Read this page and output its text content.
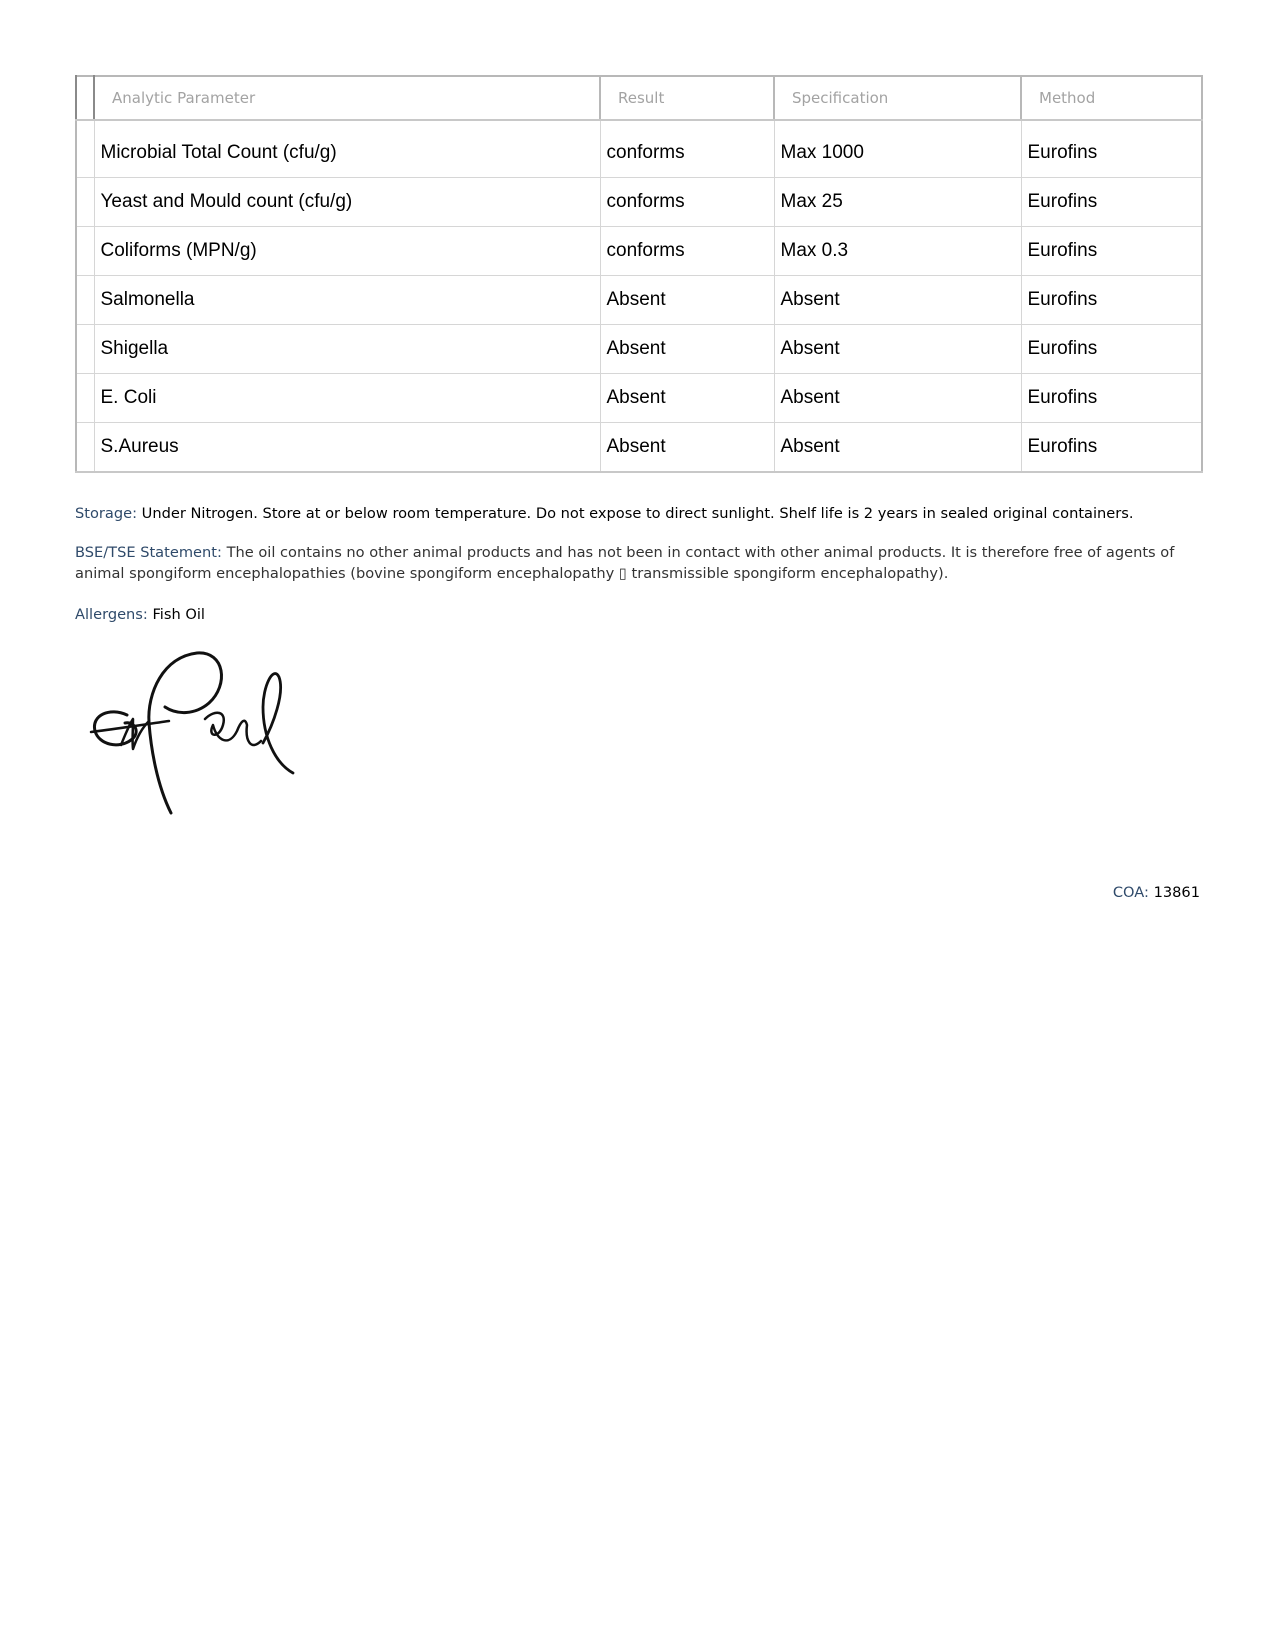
	Analytic Parameter	Result	Specification	Method

	Microbial Total Count (cfu/g)	conforms	Max 1000	Eurofins
	Yeast and Mould count (cfu/g)	conforms	Max 25	Eurofins
	Coliforms (MPN/g)	conforms	Max 0.3	Eurofins
	Salmonella	Absent	Absent	Eurofins
	Shigella	Absent	Absent	Eurofins
	E. Coli	Absent	Absent	Eurofins
	S.Aureus	Absent	Absent	Eurofins
Storage: Under Nitrogen. Store at or below room temperature. Do not expose to direct sunlight. Shelf life is 2 years in sealed original containers.
BSE/TSE Statement: The oil contains no other animal products and has not been in contact with other animal products. It is therefore free of agents of animal spongiform encephalopathies (bovine spongiform encephalopathy ▯ transmissible spongiform encephalopathy).
Allergens: Fish Oil
COA: 13861
